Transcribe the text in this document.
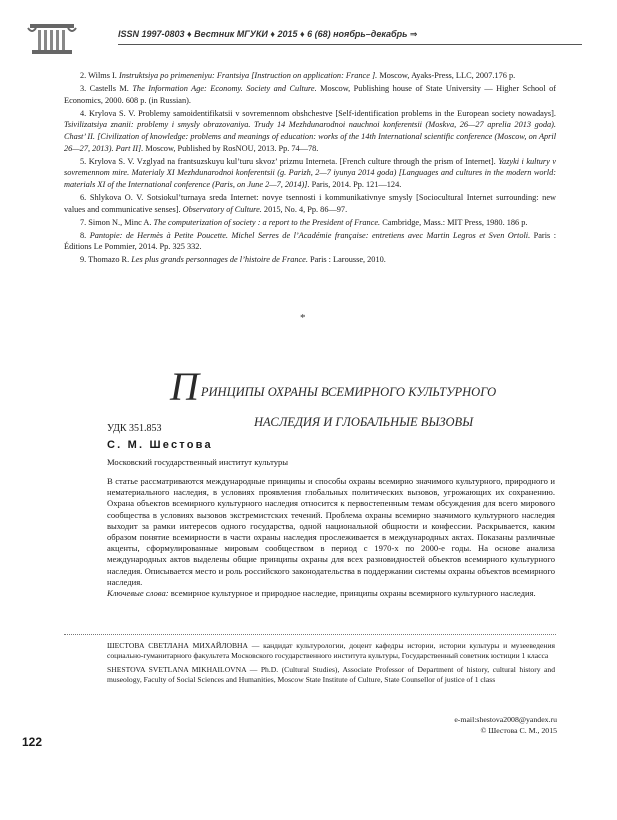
ISSN 1997-0803 ♦ Вестник МГУКИ ♦ 2015 ♦ 6 (68) ноябрь–декабрь ⇒

2. Wilms I. Instruktsiya po primeneniyu: Frantsiya [Instruction on application: France ]. Moscow, Ayaks-Press, LLC, 2007.176 p.

3. Castells M. The Information Age: Economy. Society and Culture. Moscow, Publishing house of State University — Higher School of Economics, 2000. 608 p. (in Russian).

4. Krylova S. V. Problemy samoidentifikatsii v sovremennom obshchestve [Self-identification problems in the European society nowadays]. Tsivilizatsiya znanii: problemy i smysly obrazovaniya. Trudy 14 Mezhdunarodnoi nauchnoi konferentsii (Moskva, 26—27 aprelia 2013 goda). Chast’ II. [Civilization of knowledge: problems and meanings of education: works of the 14th International scientific conference (Moscow, on April 26—27, 2013). Part II]. Moscow, Published by RosNOU, 2013. Pp. 74—78.

5. Krylova S. V. Vzglyad na frantsuzskuyu kul’turu skvoz’ prizmu Interneta. [French culture through the prism of Internet]. Yazyki i kultury v sovremennom mire. Materialy XI Mezhdunarodnoi konferentsii (g. Parizh, 2—7 iyunya 2014 goda) [Languages and cultures in the modern world: materials XI of the International conference (Paris, on June 2—7, 2014)]. Paris, 2014. Pp. 121—124.

6. Shlykova O. V. Sotsiokul’turnaya sreda Internet: novye tsennosti i kommunikativnye smysly [Sociocultural Internet surrounding: new values and communicative senses]. Observatory of Culture. 2015, No. 4, Pp. 86—97.

7. Simon N., Minc A. The computerization of society : a report to the President of France. Cambridge, Mass.: MIT Press, 1980. 186 p.

8. Pantopie: de Hermès à Petite Poucette. Michel Serres de l’Académie française: entretiens avec Martin Legros et Sven Ortoli. Paris : Éditions Le Pommier, 2014. Pp. 325 332.

9. Thomazo R. Les plus grands personnages de l’histoire de France. Paris : Larousse, 2010.

*
П РИНЦИПЫ ОХРАНЫ ВСЕМИРНОГО КУЛЬТУРНОГО
НАСЛЕДИЯ И ГЛОБАЛЬНЫЕ ВЫЗОВЫ
УДК 351.853
С. М. Шестова
Московский государственный институт культуры

В статье рассматриваются международные принципы и способы охраны всемирно значимого культурного, природного и нематериального наследия, в условиях проявления глобальных политических вызовов, угрожающих их сохранению. Охрана объектов всемирного культурного наследия относится к первостепенным темам обсуждения для всего мирового сообщества в условиях вызовов экстремистских течений. Проблема охраны всемирно значимого культурного наследия выходит за рамки интересов одного государства, одной национальной общности и конфессии. Раскрывается, каким образом понятие всемирности в части охраны наследия прослеживается в международных актах. Показаны различные акценты, сформулированные мировым сообществом в период с 1970-х по 2000-е годы. На основе анализа международных актов выделены общие принципы охраны для всех разновидностей объектов всемирного культурного наследия. Описывается место и роль российского законодательства в поддержании системы охраны объектов всемирного наследия.

Ключевые слова: всемирное культурное и природное наследие, принципы охраны всемирного культурного наследия.

ШЕСТОВА СВЕТЛАНА МИХАЙЛОВНА — кандидат культурологии, доцент кафедры истории, истории культуры и музееведения социально-гуманитарного факультета Московского государственного института культуры, Государственный советник юстиции 1 класса

SHESTOVA SVETLANA MIKHAILOVNA — Ph.D. (Cultural Studies), Associate Professor of Department of history, cultural history and museology, Faculty of Social Sciences and Humanities, Moscow State Institute of Culture, State Counsellor of justice of 1 class

e-mail:shestova2008@yandex.ru
© Шестова С. М., 2015
122
